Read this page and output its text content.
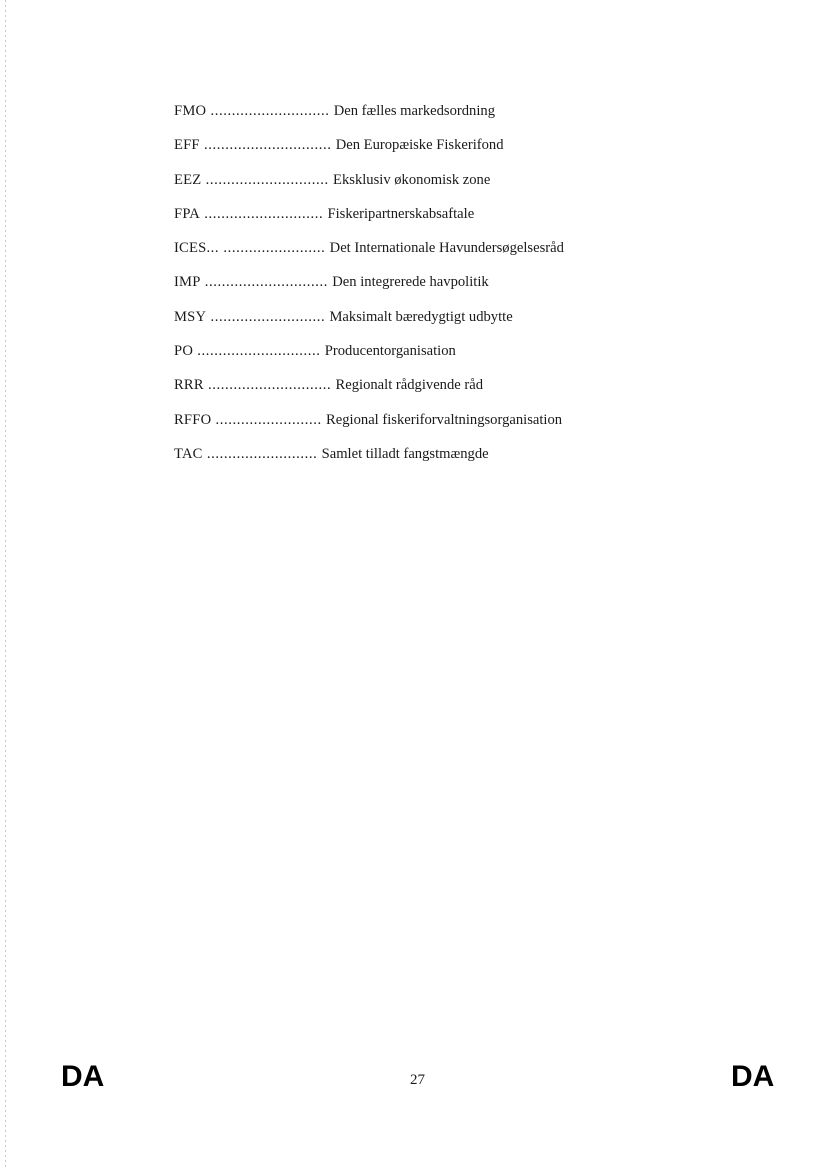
FMO ............................ Den fælles markedsordning
EFF .............................. Den Europæiske Fiskerifond
EEZ ............................. Eksklusiv økonomisk zone
FPA ............................ Fiskeripartnerskabsaftale
ICES... ........................ Det Internationale Havundersøgelsesråd
IMP ............................. Den integrerede havpolitik
MSY ........................... Maksimalt bæredygtigt udbytte
PO ............................. Producentorganisation
RRR ............................. Regionalt rådgivende råd
RFFO ......................... Regional fiskeriforvaltningsorganisation
TAC .......................... Samlet tilladt fangstmængde
DA	27	DA
